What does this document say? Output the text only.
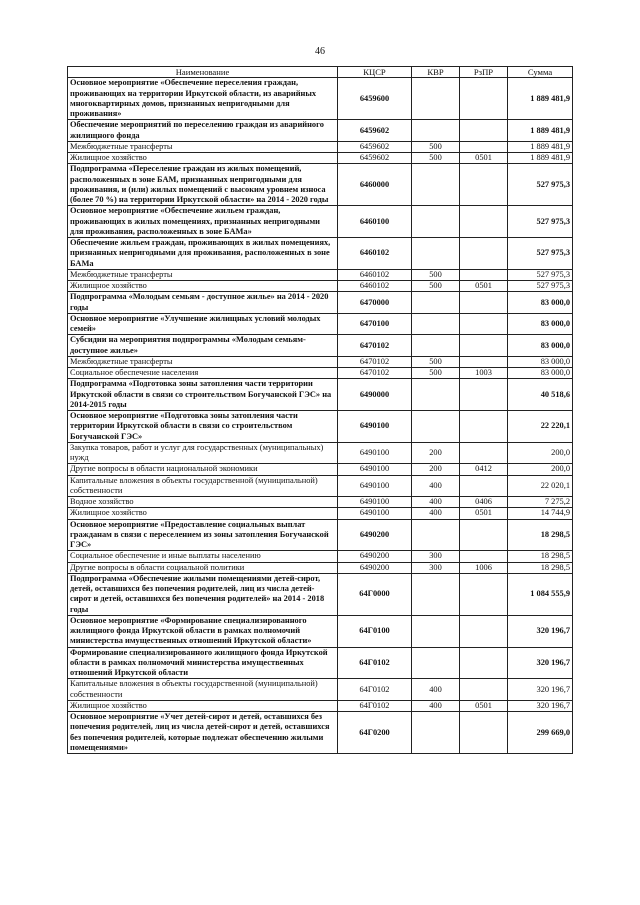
46
Наименование	КЦСР	КВР	РзПР	Сумма
Основное мероприятие «Обеспечение переселения граждан, проживающих на территории Иркутской области, из аварийных многоквартирных домов, признанных непригодными для проживания»	6459600			1 889 481,9
Обеспечение мероприятий по переселению граждан из аварийного жилищного фонда	6459602			1 889 481,9
Межбюджетные трансферты	6459602	500		1 889 481,9
Жилищное хозяйство	6459602	500	0501	1 889 481,9
Подпрограмма «Переселение граждан из жилых помещений, расположенных в зоне БАМ, признанных непригодными для проживания, и (или) жилых помещений с высоким уровнем износа (более 70 %) на территории Иркутской области» на 2014 - 2020 годы	6460000			527 975,3
Основное мероприятие «Обеспечение жильем граждан, проживающих в жилых помещениях, признанных непригодными для проживания, расположенных в зоне БАМа»	6460100			527 975,3
Обеспечение жильем граждан, проживающих в жилых помещениях, признанных непригодными для проживания, расположенных в зоне БАМа	6460102			527 975,3
Межбюджетные трансферты	6460102	500		527 975,3
Жилищное хозяйство	6460102	500	0501	527 975,3
Подпрограмма «Молодым семьям - доступное жилье» на 2014 - 2020 годы	6470000			83 000,0
Основное мероприятие «Улучшение жилищных условий молодых семей»	6470100			83 000,0
Субсидии на мероприятия подпрограммы «Молодым семьям-доступное жилье»	6470102			83 000,0
Межбюджетные трансферты	6470102	500		83 000,0
Социальное обеспечение населения	6470102	500	1003	83 000,0
Подпрограмма «Подготовка зоны затопления части территории Иркутской области в связи со строительством Богучанской ГЭС» на 2014-2015 годы	6490000			40 518,6
Основное мероприятие «Подготовка зоны затопления части территории Иркутской области в связи со строительством Богучанской ГЭС»	6490100			22 220,1
Закупка товаров, работ и услуг для государственных (муниципальных) нужд	6490100	200		200,0
Другие вопросы в области национальной экономики	6490100	200	0412	200,0
Капитальные вложения в объекты государственной (муниципальной) собственности	6490100	400		22 020,1
Водное хозяйство	6490100	400	0406	7 275,2
Жилищное хозяйство	6490100	400	0501	14 744,9
Основное мероприятие «Предоставление социальных выплат гражданам в связи с переселением из зоны затопления Богучанской ГЭС»	6490200			18 298,5
Социальное обеспечение и иные выплаты населению	6490200	300		18 298,5
Другие вопросы в области социальной политики	6490200	300	1006	18 298,5
Подпрограмма «Обеспечение жилыми помещениями детей-сирот, детей, оставшихся без попечения родителей, лиц из числа детей-сирот и детей, оставшихся без попечения родителей» на 2014 - 2018 годы	64Г0000			1 084 555,9
Основное мероприятие «Формирование специализированного жилищного фонда Иркутской области в рамках полномочий министерства имущественных отношений Иркутской области»	64Г0100			320 196,7
Формирование специализированного жилищного фонда Иркутской области в рамках полномочий министерства имущественных отношений Иркутской области	64Г0102			320 196,7
Капитальные вложения в объекты государственной (муниципальной) собственности	64Г0102	400		320 196,7
Жилищное хозяйство	64Г0102	400	0501	320 196,7
Основное мероприятие «Учет детей-сирот и детей, оставшихся без попечения родителей, лиц из числа детей-сирот и детей, оставшихся без попечения родителей, которые подлежат обеспечению жилыми помещениями»	64Г0200			299 669,0
